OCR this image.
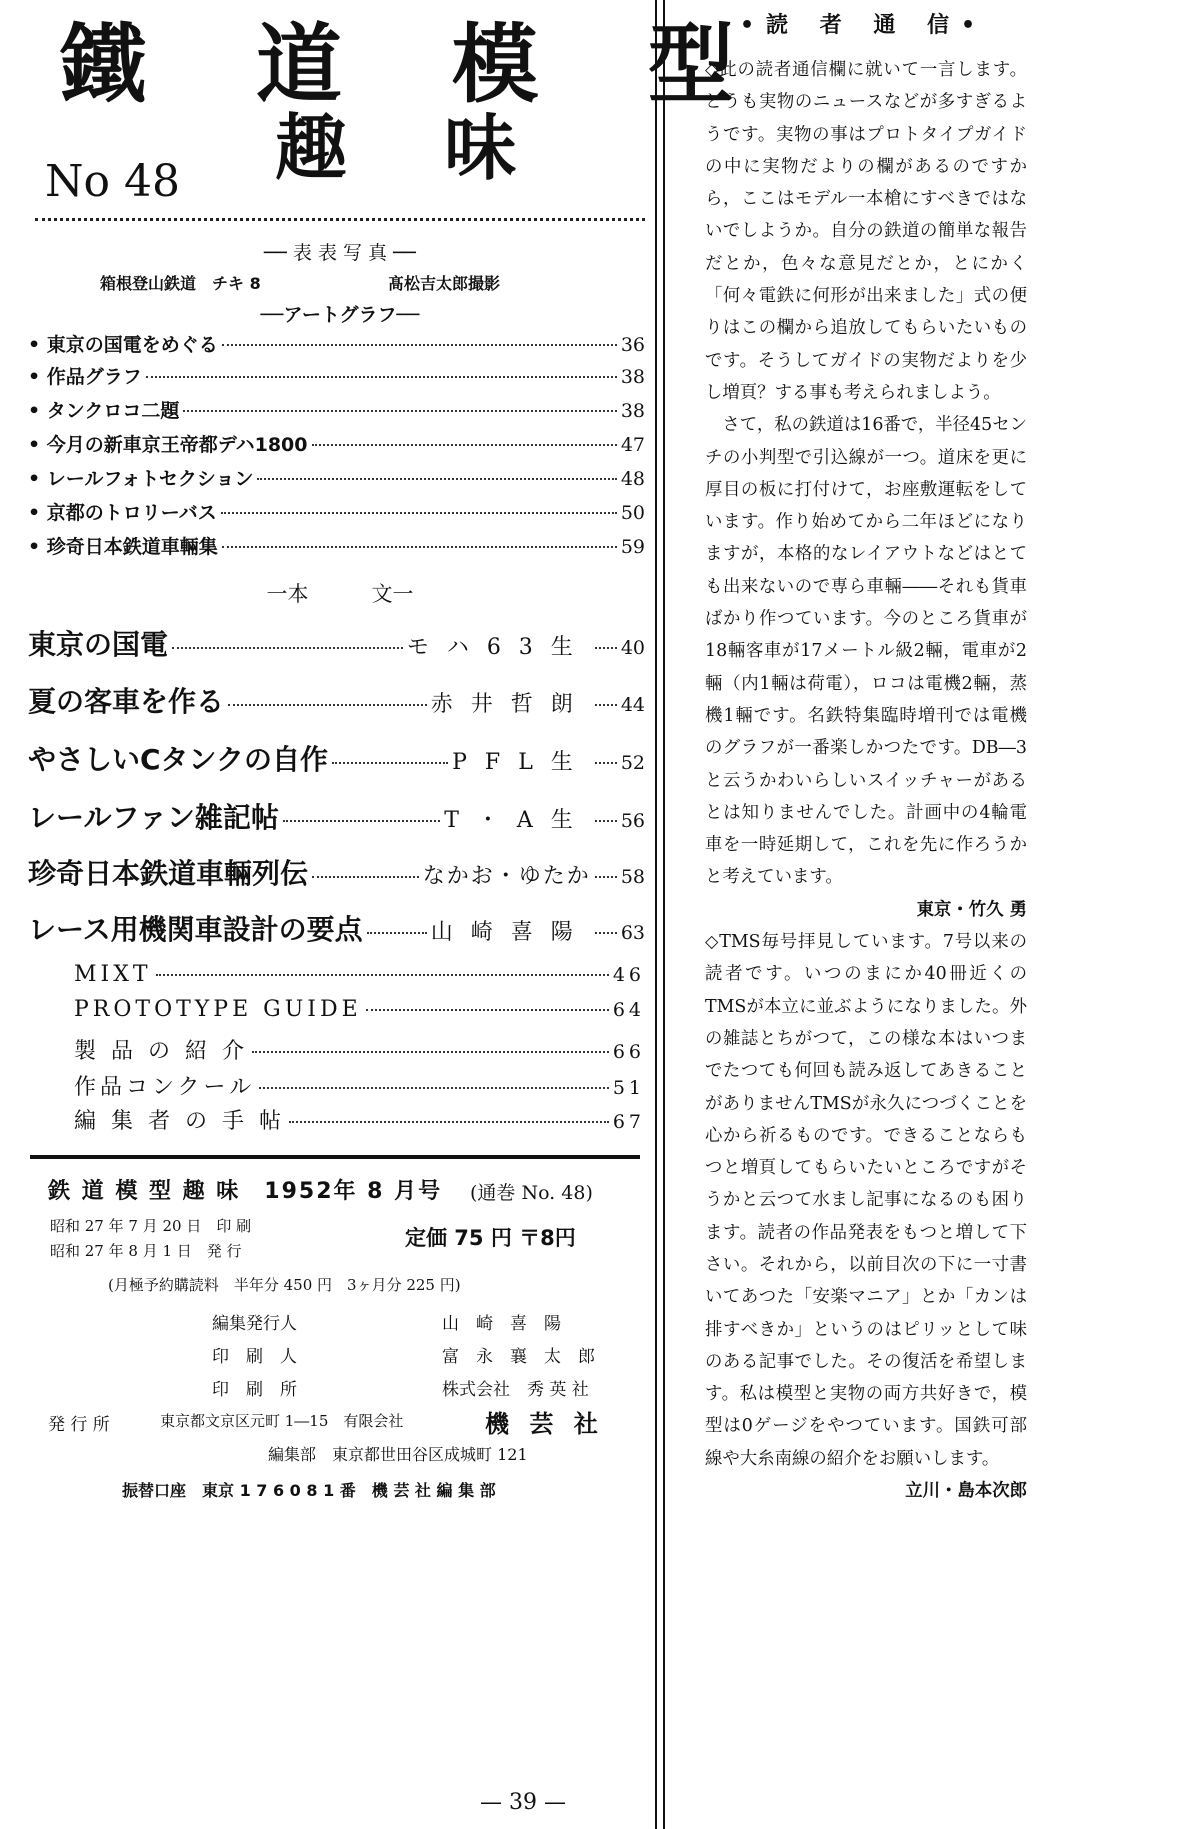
鐵 道 模 型
趣 味
No 48
── 表 表 写 真 ──
箱根登山鉄道　チキ 8	髙松吉太郎撮影
──アートグラフ──
• 東京の国電をめぐる	36
• 作品グラフ	38
• タンクロコ二題	38
• 今月の新車京王帝都デハ1800	47
• レールフォトセクション	48
• 京都のトロリーバス	50
• 珍奇日本鉄道車輛集	59
一本　　　文一
東京の国電	モハ63生 40
夏の客車を作る	赤井哲朗 44
やさしいCタンクの自作	PFL生 52
レールファン雑記帖	T・A生 56
珍奇日本鉄道車輛列伝	なかお・ゆたか 58
レース用機関車設計の要点	山崎喜陽 63
MIXT	46
PROTOTYPE GUIDE	64
製 品 の 紹 介	66
作品コンクール	51
編 集 者 の 手 帖	67
鉄 道 模 型 趣 味　1952年 8 月号 (通巻 No. 48)
昭和 27 年 7 月 20 日　印 刷
昭和 27 年 8 月 1 日　発 行
定価 75 円 〒8円
(月極予約購読料　半年分 450 円　3ヶ月分 225 円)
編集発行人	山　崎　喜　陽
印　刷　人	富　永　襄　太　郎
印　刷　所	株式会社　秀 英 社
発 行 所	東京都文京区元町 1―15　有限会社	機 芸 社
編集部　東京都世田谷区成城町 121
振替口座　東京 1 7 6 0 8 1 番　機 芸 社 編 集 部
•読 者 通 信•

◇此の読者通信欄に就いて一言します。どうも実物のニュースなどが多すぎるようです。実物の事はプロトタイプガイドの中に実物だよりの欄があるのですから，ここはモデル一本槍にすべきではないでしようか。自分の鉄道の簡単な報告だとか，色々な意見だとか，とにかく「何々電鉄に何形が出来ました」式の便りはこの欄から追放してもらいたいものです。そうしてガイドの実物だよりを少し増頁？する事も考えられましよう。

　さて，私の鉄道は16番で，半径45センチの小判型で引込線が一つ。道床を更に厚目の板に打付けて，お座敷運転をしています。作り始めてから二年ほどになりますが，本格的なレイアウトなどはとても出来ないので専ら車輛――それも貨車ばかり作つています。今のところ貨車が18輛客車が17メートル級2輛，電車が2輛（内1輛は荷電），ロコは電機2輛，蒸機1輛です。名鉄特集臨時増刊では電機のグラフが一番楽しかつたです。DB―3と云うかわいらしいスイッチャーがあるとは知りませんでした。計画中の4輪電車を一時延期して，これを先に作ろうかと考えています。

東京・竹久 勇

◇TMS毎号拝見しています。7号以来の読者です。いつのまにか40冊近くのTMSが本立に並ぶようになりました。外の雑誌とちがつて，この様な本はいつまでたつても何回も読み返してあきることがありませんTMSが永久につづくことを心から祈るものです。できることならもつと増頁してもらいたいところですがそうかと云つて水まし記事になるのも困ります。読者の作品発表をもつと増して下さい。それから，以前目次の下に一寸書いてあつた「安楽マニア」とか「カンは排すべきか」というのはピリッとして味のある記事でした。その復活を希望します。私は模型と実物の両方共好きで，模型は0ゲージをやつています。国鉄可部線や大糸南線の紹介をお願いします。

立川・島本次郎

— 39 —
